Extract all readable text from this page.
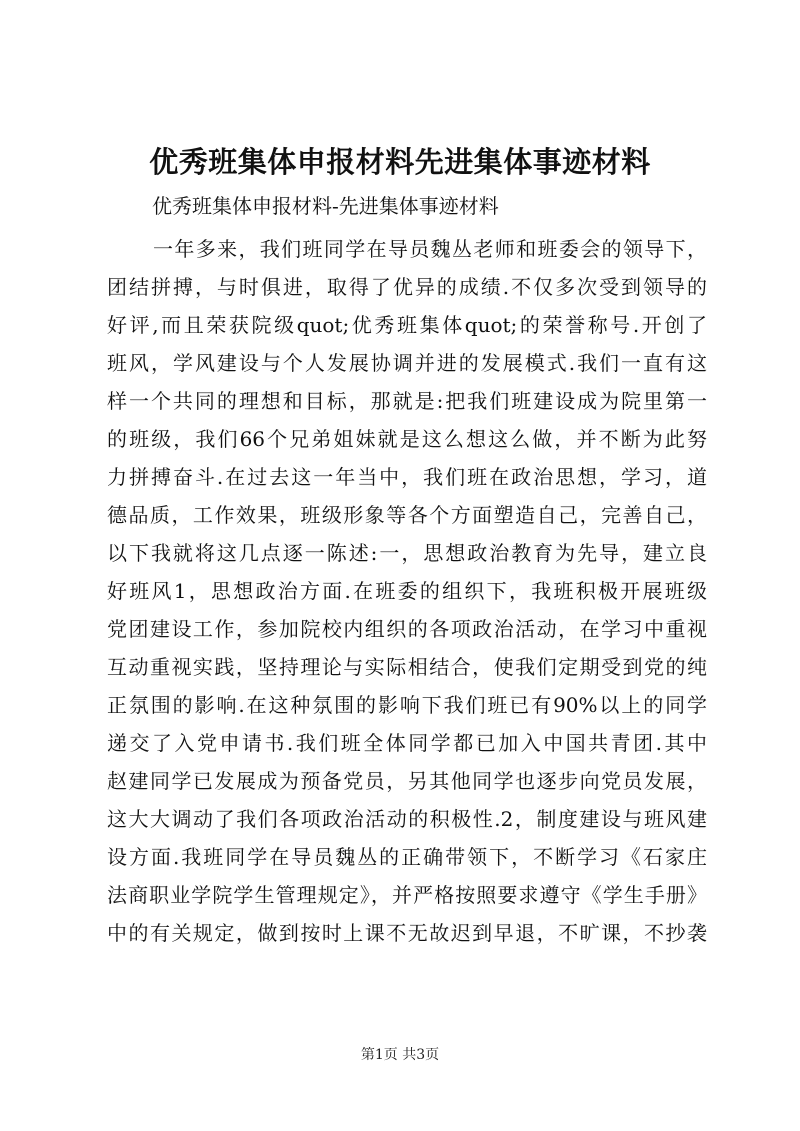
优秀班集体申报材料先进集体事迹材料

优秀班集体申报材料-先进集体事迹材料

一年多来，我们班同学在导员魏丛老师和班委会的领导下，
团结拼搏，与时俱进，取得了优异的成绩.不仅多次受到领导的
好评,而且荣获院级quot;优秀班集体quot;的荣誉称号.开创了
班风，学风建设与个人发展协调并进的发展模式.我们一直有这
样一个共同的理想和目标，那就是:把我们班建设成为院里第一
的班级，我们66个兄弟姐妹就是这么想这么做，并不断为此努
力拼搏奋斗.在过去这一年当中，我们班在政治思想，学习，道
德品质，工作效果，班级形象等各个方面塑造自己，完善自己，
以下我就将这几点逐一陈述:一，思想政治教育为先导，建立良
好班风1，思想政治方面.在班委的组织下，我班积极开展班级
党团建设工作，参加院校内组织的各项政治活动，在学习中重视
互动重视实践，坚持理论与实际相结合，使我们定期受到党的纯
正氛围的影响.在这种氛围的影响下我们班已有90%以上的同学
递交了入党申请书.我们班全体同学都已加入中国共青团.其中
赵建同学已发展成为预备党员，另其他同学也逐步向党员发展，
这大大调动了我们各项政治活动的积极性.2，制度建设与班风建
设方面.我班同学在导员魏丛的正确带领下，不断学习《石家庄
法商职业学院学生管理规定》，并严格按照要求遵守《学生手册》
中的有关规定，做到按时上课不无故迟到早退，不旷课，不抄袭
第1页 共3页
